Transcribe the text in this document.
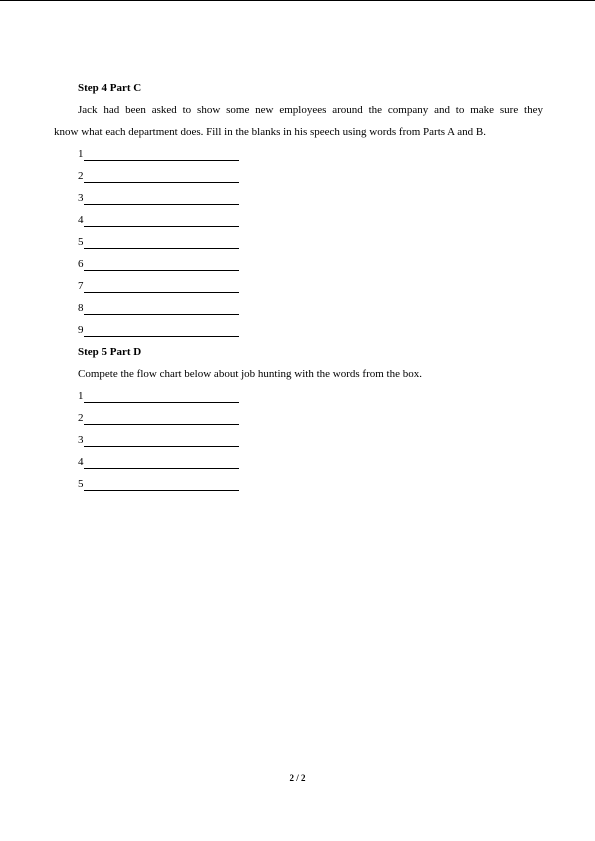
Step 4 Part C
Jack had been asked to show some new employees around the company and to make sure they
know what each department does. Fill in the blanks in his speech using words from Parts A and B.
1
2
3
4
5
6
7
8
9
Step 5 Part D
Compete the flow chart below about job hunting with the words from the box.
1
2
3
4
5
2 / 2
